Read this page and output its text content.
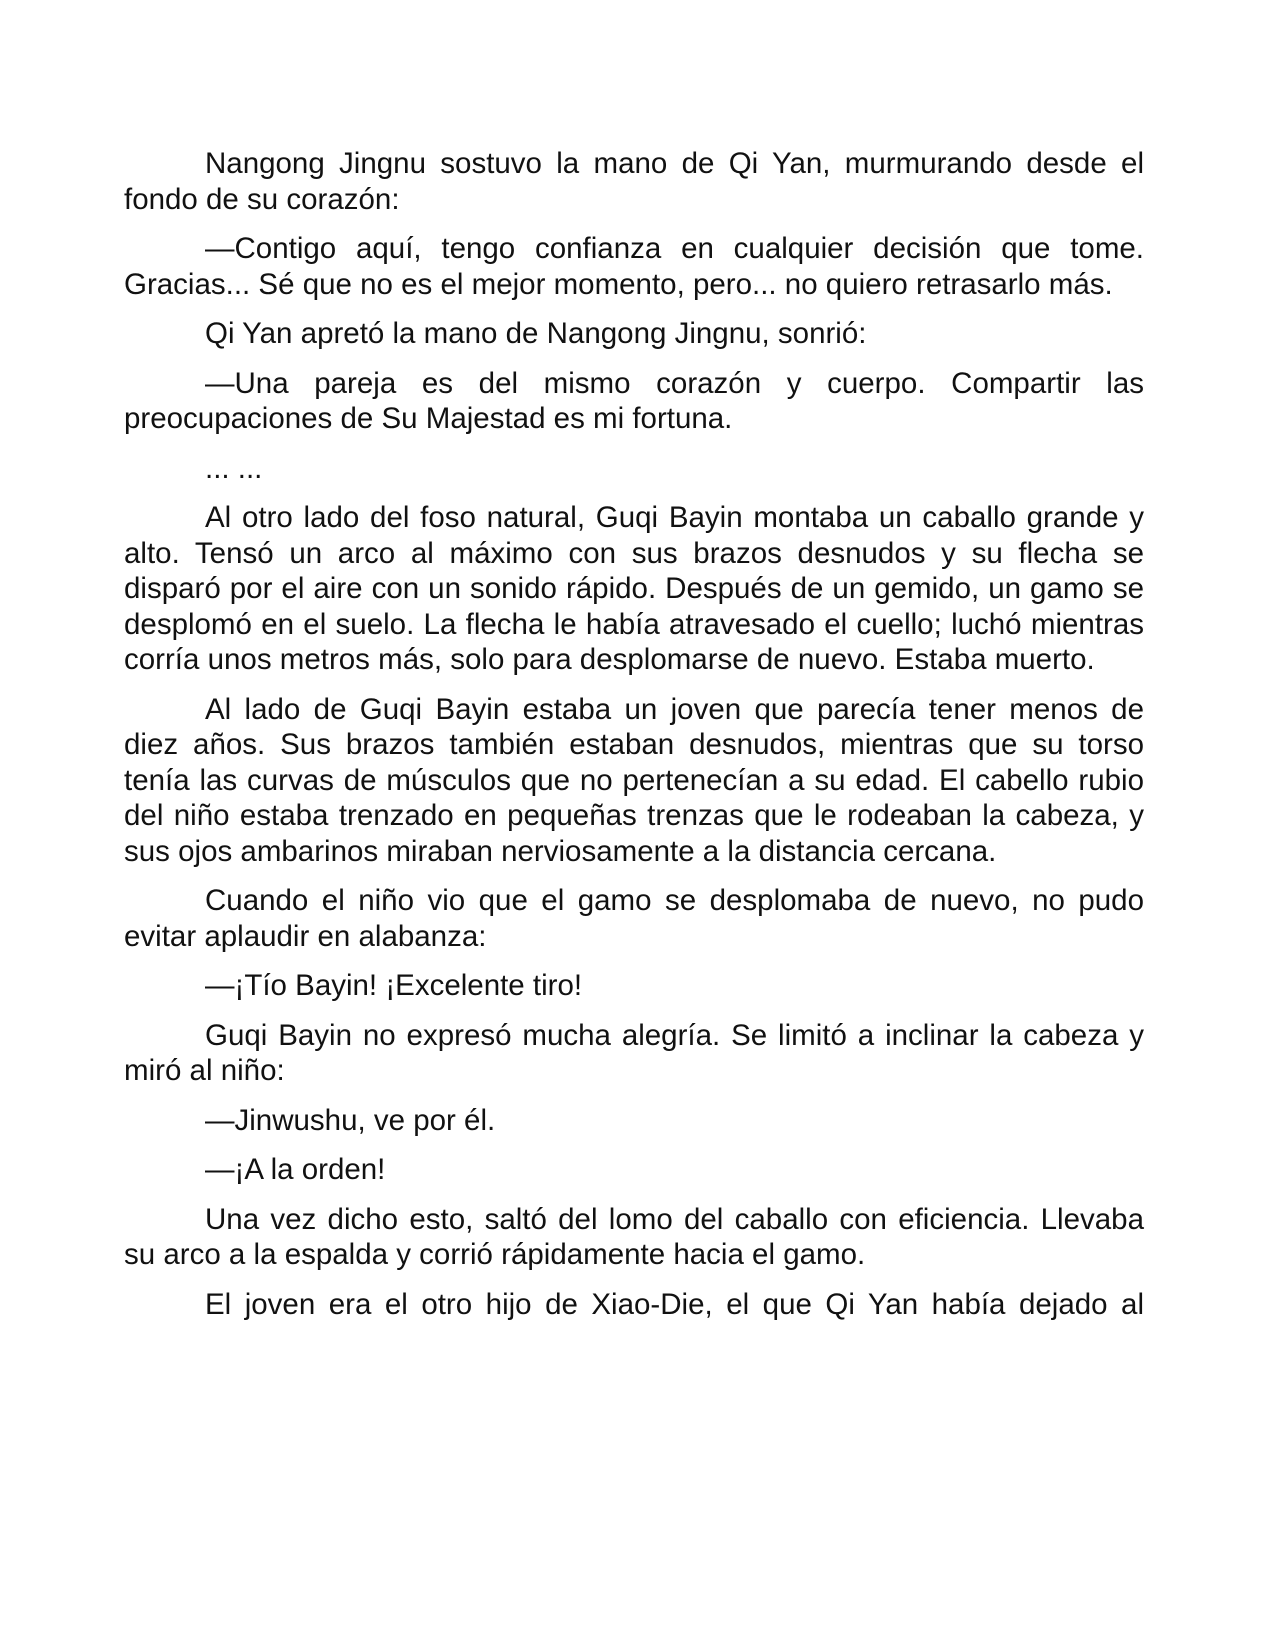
Nangong Jingnu sostuvo la mano de Qi Yan, murmurando desde el fondo de su corazón:

—Contigo aquí, tengo confianza en cualquier decisión que tome. Gracias... Sé que no es el mejor momento, pero... no quiero retrasarlo más.

Qi Yan apretó la mano de Nangong Jingnu, sonrió:

—Una pareja es del mismo corazón y cuerpo. Compartir las preocupaciones de Su Majestad es mi fortuna.

... ...

Al otro lado del foso natural, Guqi Bayin montaba un caballo grande y alto. Tensó un arco al máximo con sus brazos desnudos y su flecha se disparó por el aire con un sonido rápido. Después de un gemido, un gamo se desplomó en el suelo. La flecha le había atravesado el cuello; luchó mientras corría unos metros más, solo para desplomarse de nuevo. Estaba muerto.

Al lado de Guqi Bayin estaba un joven que parecía tener menos de diez años. Sus brazos también estaban desnudos, mientras que su torso tenía las curvas de músculos que no pertenecían a su edad. El cabello rubio del niño estaba trenzado en pequeñas trenzas que le rodeaban la cabeza, y sus ojos ambarinos miraban nerviosamente a la distancia cercana.

Cuando el niño vio que el gamo se desplomaba de nuevo, no pudo evitar aplaudir en alabanza:

—¡Tío Bayin! ¡Excelente tiro!

Guqi Bayin no expresó mucha alegría. Se limitó a inclinar la cabeza y miró al niño:

—Jinwushu, ve por él.

—¡A la orden!

Una vez dicho esto, saltó del lomo del caballo con eficiencia. Llevaba su arco a la espalda y corrió rápidamente hacia el gamo.

El joven era el otro hijo de Xiao-Die, el que Qi Yan había dejado al
